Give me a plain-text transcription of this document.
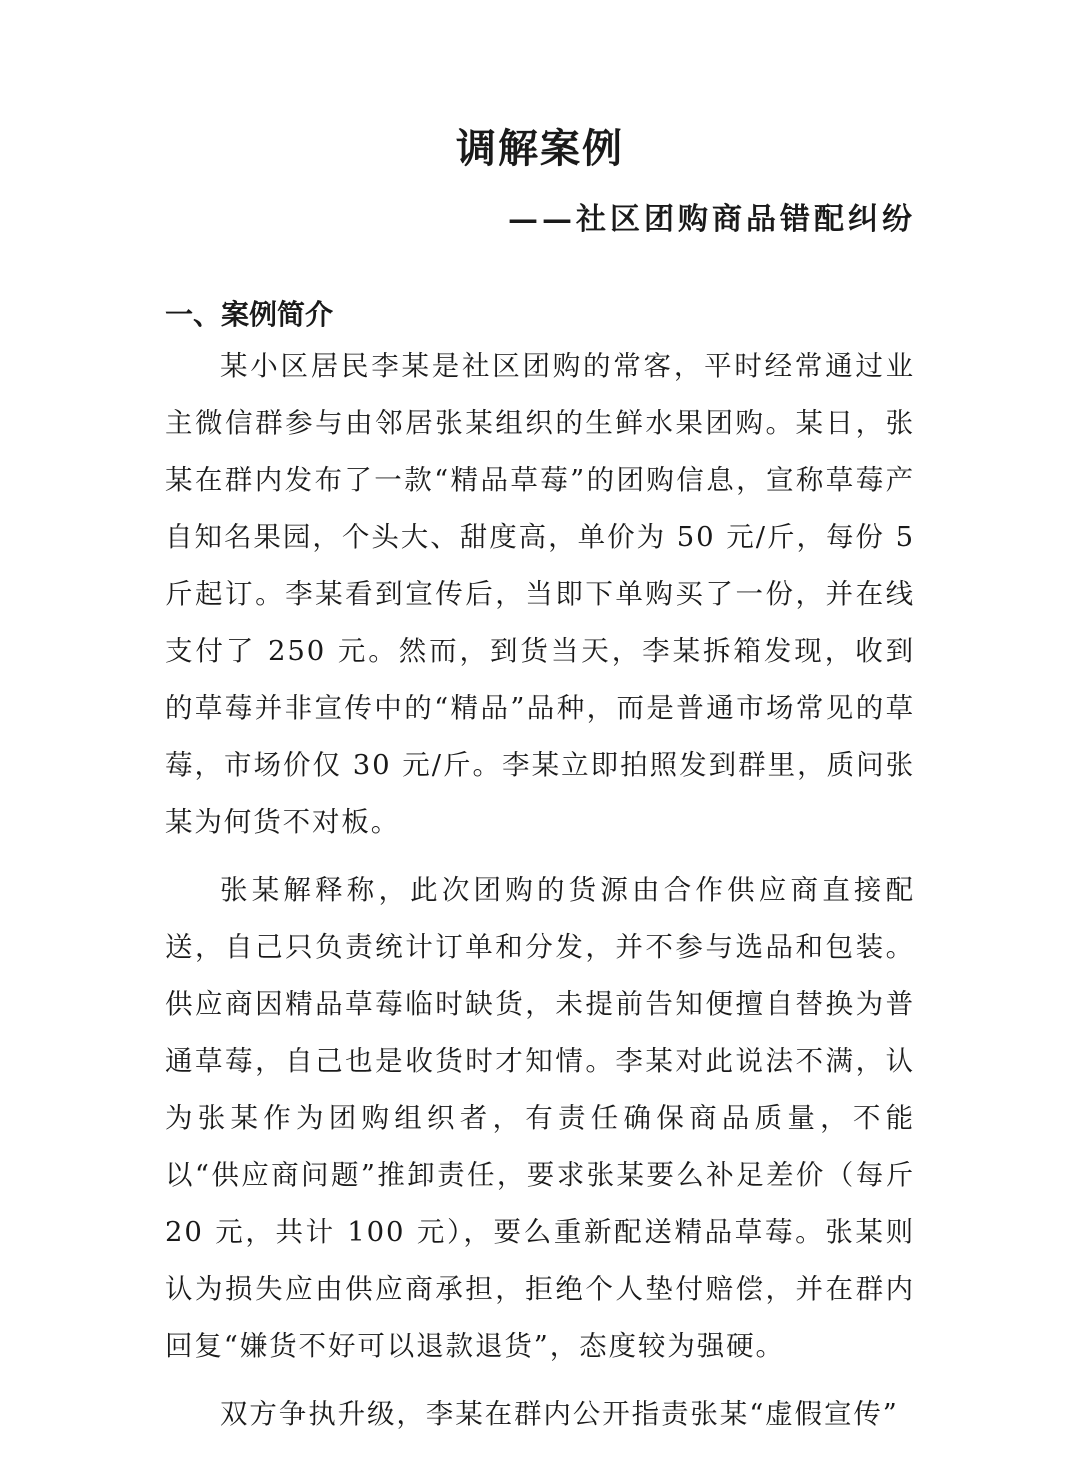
调解案例
——社区团购商品错配纠纷
一、案例简介

某小区居民李某是社区团购的常客，平时经常通过业主微信群参与由邻居张某组织的生鲜水果团购。某日，张某在群内发布了一款“精品草莓”的团购信息，宣称草莓产自知名果园，个头大、甜度高，单价为 50 元/斤，每份 5 斤起订。李某看到宣传后，当即下单购买了一份，并在线支付了 250 元。然而，到货当天，李某拆箱发现，收到的草莓并非宣传中的“精品”品种，而是普通市场常见的草莓，市场价仅 30 元/斤。李某立即拍照发到群里，质问张某为何货不对板。

张某解释称，此次团购的货源由合作供应商直接配送，自己只负责统计订单和分发，并不参与选品和包装。供应商因精品草莓临时缺货，未提前告知便擅自替换为普通草莓，自己也是收货时才知情。李某对此说法不满，认为张某作为团购组织者，有责任确保商品质量，不能以“供应商问题”推卸责任，要求张某要么补足差价（每斤 20 元，共计 100 元），要么重新配送精品草莓。张某则认为损失应由供应商承担，拒绝个人垫付赔偿，并在群内回复“嫌货不好可以退款退货”，态度较为强硬。

双方争执升级，李某在群内公开指责张某“虚假宣传”
